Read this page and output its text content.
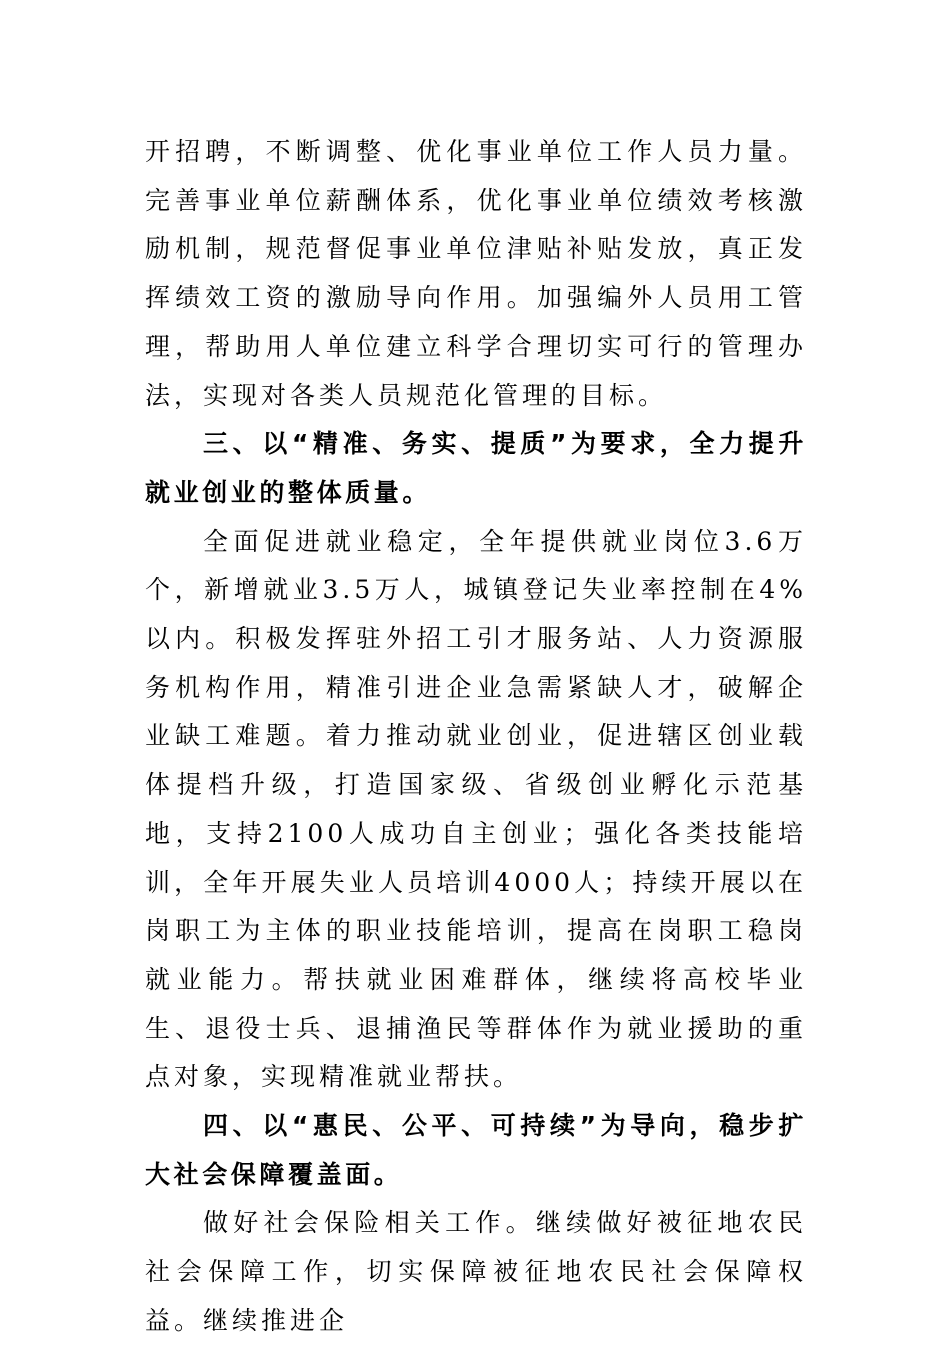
开招聘，不断调整、优化事业单位工作人员力量。完善事业单位薪酬体系，优化事业单位绩效考核激励机制，规范督促事业单位津贴补贴发放，真正发挥绩效工资的激励导向作用。加强编外人员用工管理，帮助用人单位建立科学合理切实可行的管理办法，实现对各类人员规范化管理的目标。

三、以“精准、务实、提质”为要求，全力提升就业创业的整体质量。

全面促进就业稳定，全年提供就业岗位3.6万个，新增就业3.5万人，城镇登记失业率控制在4%以内。积极发挥驻外招工引才服务站、人力资源服务机构作用，精准引进企业急需紧缺人才，破解企业缺工难题。着力推动就业创业，促进辖区创业载体提档升级，打造国家级、省级创业孵化示范基地，支持2100人成功自主创业；强化各类技能培训，全年开展失业人员培训4000人；持续开展以在岗职工为主体的职业技能培训，提高在岗职工稳岗就业能力。帮扶就业困难群体，继续将高校毕业生、退役士兵、退捕渔民等群体作为就业援助的重点对象，实现精准就业帮扶。

四、以“惠民、公平、可持续”为导向，稳步扩大社会保障覆盖面。

做好社会保险相关工作。继续做好被征地农民社会保障工作，切实保障被征地农民社会保障权益。继续推进企
